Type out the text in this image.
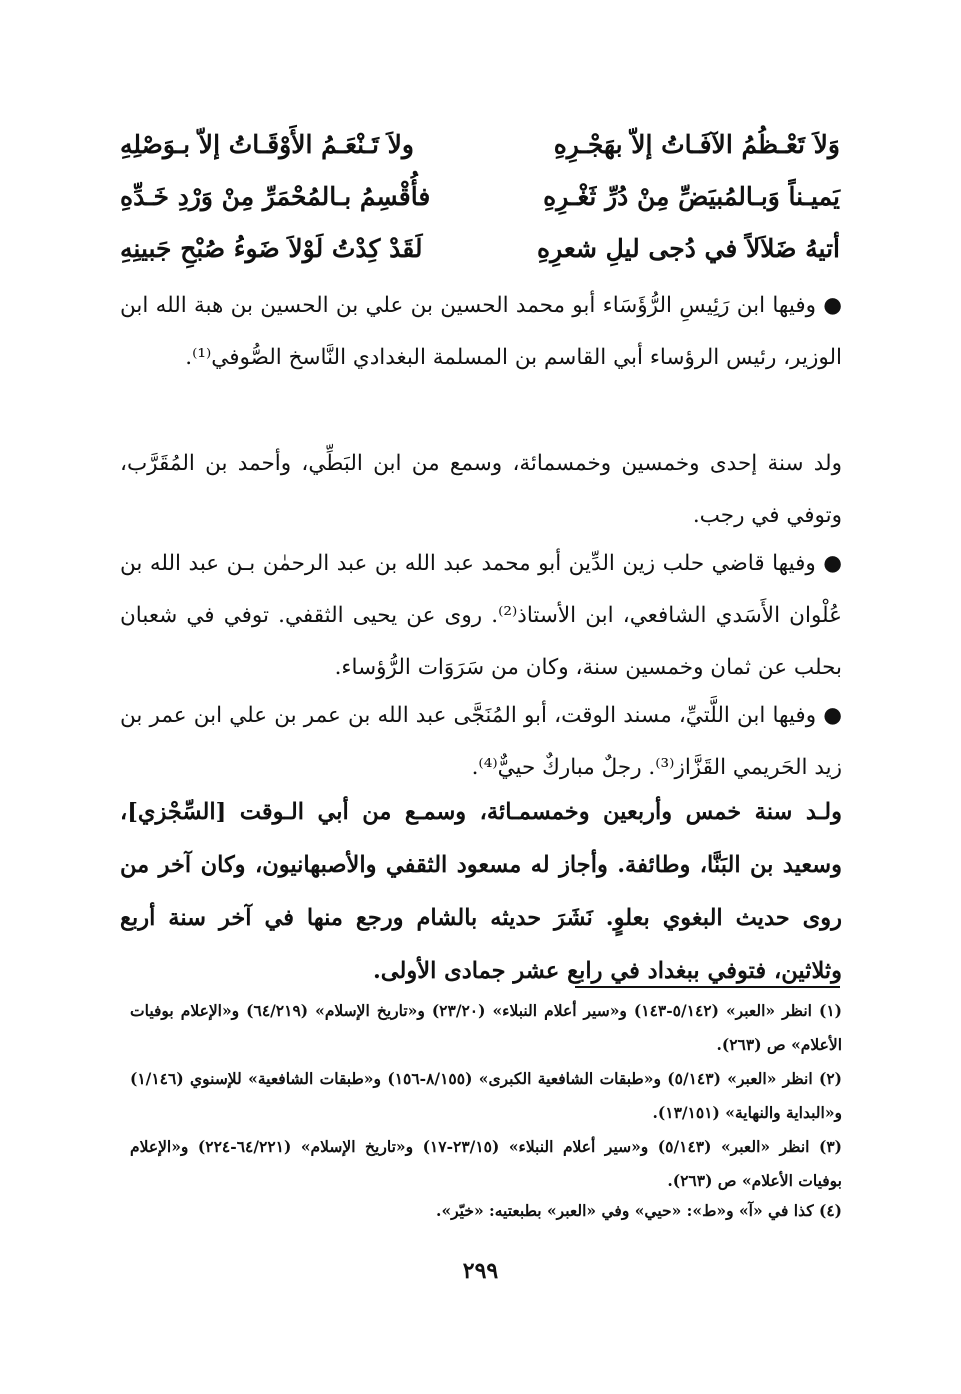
ولاَ تَـنْعَـمُ الأَوْقَـاتُ إلاّ بـوَصْلِهِ	وَلاَ تَعْـظُمُ الآفَـاتُ إلاّ بهَجْـرِهِ
فأُقْسِمُ بـالمُحْمَرِّ مِنْ وَرْدِ خَـدِّهِ	يَميـناً وَبـالمُبيَضِّ مِنْ دُرِّ ثَغْـرِهِ
لَقَدْ كِدْتُ لَوْلاَ ضَوءُ صُبْحِ جَبينِهِ	أتيهُ ضَلاَلاً في دُجى ليلِ شعرِهِ
● وفيها ابن رَئِيسِ الرُّؤَسَاء أبو محمد الحسين بن علي بن الحسين بن هبة الله ابن الوزير، رئيس الرؤساء أبي القاسم بن المسلمة البغدادي النَّاسخ الصُّوفي⁽¹⁾.
ولد سنة إحدى وخمسين وخمسمائة، وسمع من ابن البَطِّي، وأحمد بن المُقَرَّب، وتوفي في رجب.
● وفيها قاضي حلب زين الدِّين أبو محمد عبد الله بن عبد الرحمٰن بـن عبد الله بن عُلْوان الأَسَدي الشافعي، ابن الأستاذ⁽²⁾. روى عن يحيى الثقفي. توفي في شعبان بحلب عن ثمان وخمسين سنة، وكان من سَرَوَات الرُّؤساء.
● وفيها ابن اللَّتيِّ، مسند الوقت، أبو المُنَجَّى عبد الله بن عمر بن علي ابن عمر بن زيد الحَريمي القَزَّاز⁽³⁾. رجلٌ مباركٌ حييٌّ⁽⁴⁾.
ولـد سنة خمس وأربعين وخمسمـائة، وسمـع من أبي الـوقت [السِّجْزي]، وسعيد بن البَنَّا، وطائفة. وأجاز له مسعود الثقفي والأصبهانيون، وكان آخر من روى حديث البغوي بعلوٍ. نَشَرَ حديثه بالشام ورجع منها في آخر سنة أربع وثلاثين، فتوفي ببغداد في رابع عشر جمادى الأولى.
(١) انظر «العبر» (٥/١٤٢-١٤٣) و«سير أعلام النبلاء» (٢٣/٢٠) و«تاريخ الإسلام» (٦٤/٢١٩) و«الإعلام بوفيات الأعلام» ص (٢٦٣).
(٢) انظر «العبر» (٥/١٤٣) و«طبقات الشافعية الكبرى» (٨/١٥٥-١٥٦) و«طبقات الشافعية» للإسنوي (١/١٤٦) و«البداية والنهاية» (١٣/١٥١).
(٣) انظر «العبر» (٥/١٤٣) و«سير أعلام النبلاء» (٢٣/١٥-١٧) و«تاريخ الإسلام» (٦٤/٢٢١-٢٢٤) و«الإعلام بوفيات الأعلام» ص (٢٦٣).
(٤) كذا في «آ» و«ط»: «حيي» وفي «العبر» بطبعتيه: «خيّر».
٢٩٩
